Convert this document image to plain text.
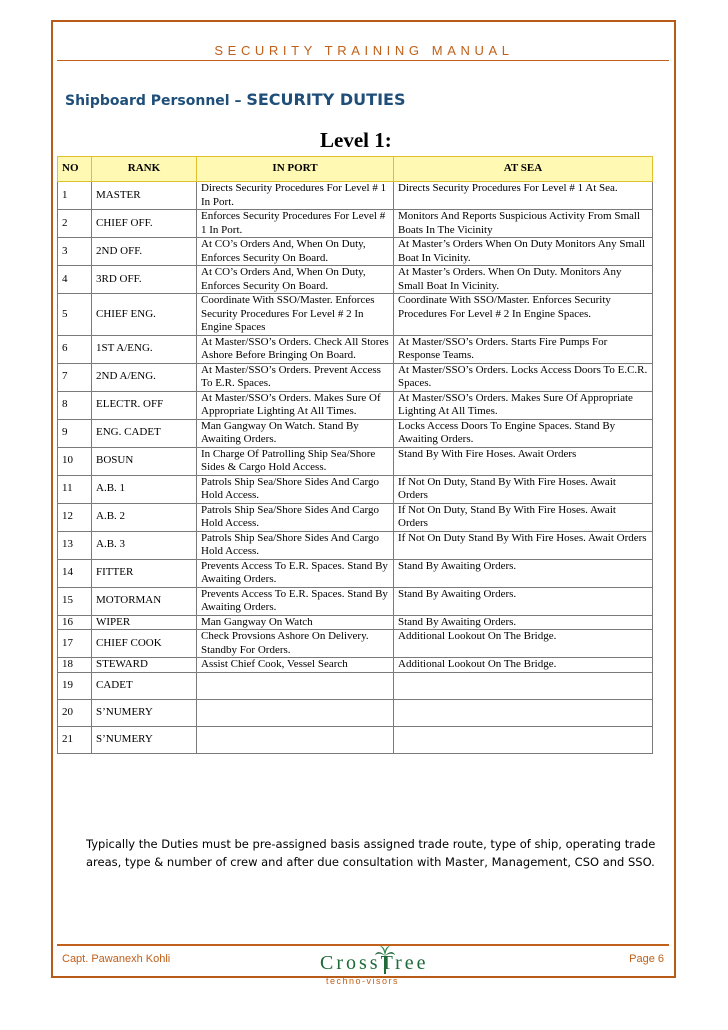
SECURITY TRAINING MANUAL
Shipboard Personnel – SECURITY DUTIES
Level 1:
NO	RANK	IN PORT	AT SEA
1	MASTER	Directs Security Procedures For Level # 1 In Port.	Directs Security Procedures For Level # 1 At Sea.
2	CHIEF OFF.	Enforces Security Procedures For Level # 1 In Port.	Monitors And Reports Suspicious Activity From Small Boats In The Vicinity
3	2ND OFF.	At CO’s Orders And, When On Duty, Enforces Security On Board.	At Master’s Orders When On Duty Monitors Any Small Boat In Vicinity.
4	3RD OFF.	At CO’s Orders And, When On Duty, Enforces Security On Board.	At Master’s Orders. When On Duty. Monitors Any Small Boat In Vicinity.
5	CHIEF ENG.	Coordinate With SSO/Master. Enforces Security Procedures For Level # 2 In Engine Spaces	Coordinate With SSO/Master. Enforces Security Procedures For Level # 2 In Engine Spaces.
6	1ST A/ENG.	At Master/SSO’s Orders. Check All Stores Ashore Before Bringing On Board.	At Master/SSO’s Orders. Starts Fire Pumps For Response Teams.
7	2ND A/ENG.	At Master/SSO’s Orders. Prevent Access To E.R. Spaces.	At Master/SSO’s Orders. Locks Access Doors To E.C.R. Spaces.
8	ELECTR. OFF	At Master/SSO’s Orders. Makes Sure Of Appropriate Lighting At All Times.	At Master/SSO’s Orders. Makes Sure Of Appropriate Lighting At All Times.
9	ENG. CADET	Man Gangway On Watch. Stand By Awaiting Orders.	Locks Access Doors To Engine Spaces. Stand By Awaiting Orders.
10	BOSUN	In Charge Of Patrolling Ship Sea/Shore Sides & Cargo Hold Access.	Stand By With Fire Hoses. Await Orders
11	A.B. 1	Patrols Ship Sea/Shore Sides And Cargo Hold Access.	If Not On Duty, Stand By With Fire Hoses. Await Orders
12	A.B. 2	Patrols Ship Sea/Shore Sides And Cargo Hold Access.	If Not On Duty, Stand By With Fire Hoses. Await Orders
13	A.B. 3	Patrols Ship Sea/Shore Sides And Cargo Hold Access.	If Not On Duty Stand By With Fire Hoses. Await Orders
14	FITTER	Prevents Access To E.R. Spaces. Stand By Awaiting Orders.	Stand By Awaiting Orders.
15	MOTORMAN	Prevents Access To E.R. Spaces. Stand By Awaiting Orders.	Stand By Awaiting Orders.
16	WIPER	Man Gangway On Watch	Stand By Awaiting Orders.
17	CHIEF COOK	Check Provsions Ashore On Delivery. Standby For Orders.	Additional Lookout On The Bridge.
18	STEWARD	Assist Chief Cook, Vessel Search	Additional Lookout On The Bridge.
19	CADET		
20	S’NUMERY		
21	S’NUMERY		
Typically the Duties must be pre-assigned basis assigned trade route, type of ship, operating trade areas, type & number of crew and after due consultation with Master, Management, CSO and SSO.
Capt. Pawanexh Kohli	CrossTree
techno-visors
Page 6
